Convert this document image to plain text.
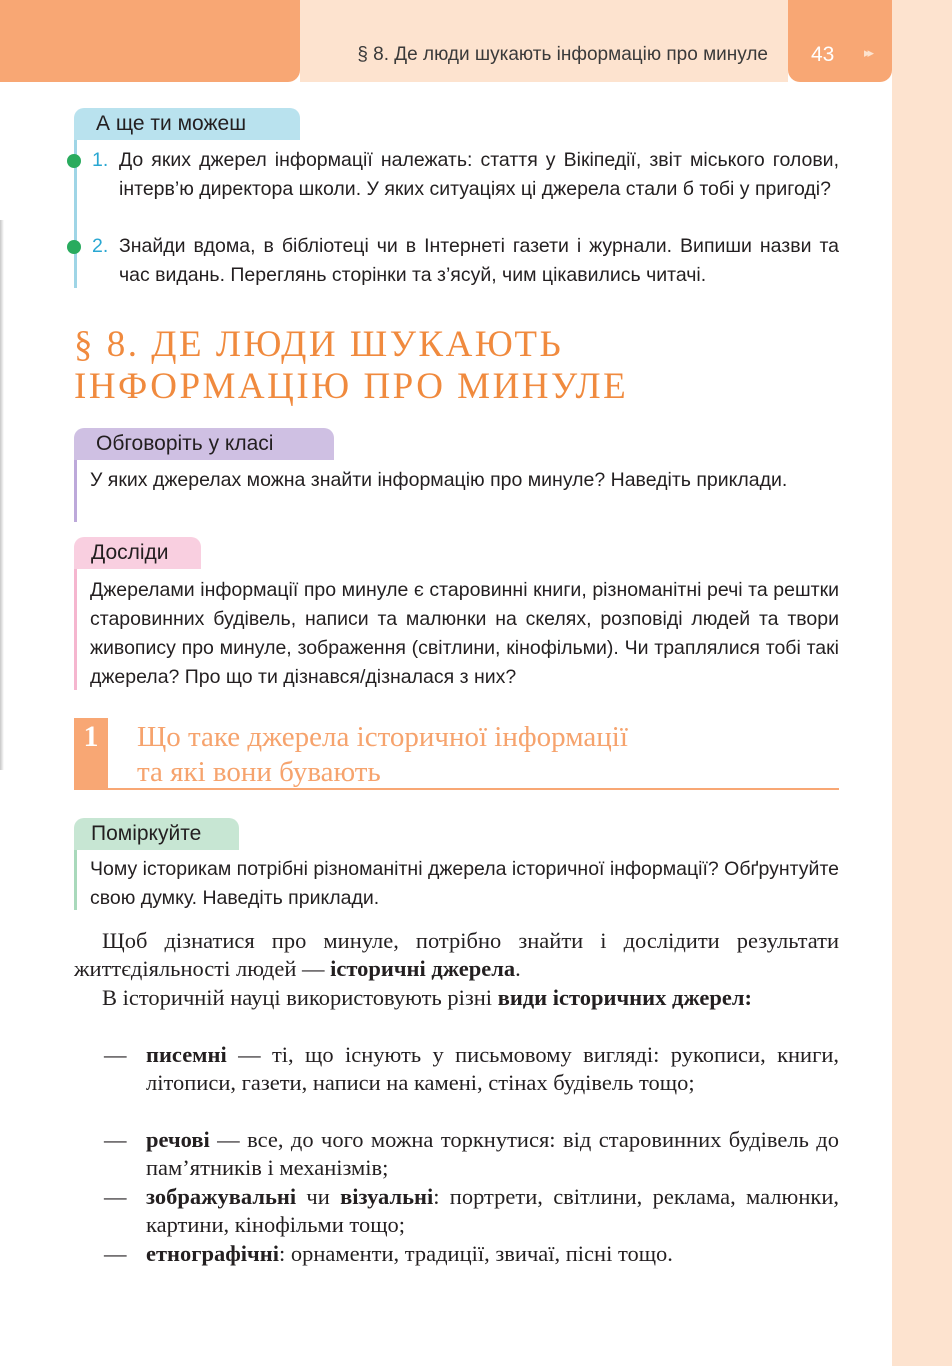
§ 8. Де люди шукають інформацію про минуле 43 ▸▸
А ще ти можеш
1. До яких джерел інформації належать: стаття у Вікіпедії, звіт міського голови, інтерв’ю директора школи. У яких ситуаціях ці джерела стали б тобі у пригоді?
2. Знайди вдома, в бібліотеці чи в Інтернеті газети і журнали. Випиши назви та час видань. Переглянь сторінки та з’ясуй, чим цікавились читачі.
§ 8. ДЕ ЛЮДИ ШУКАЮТЬ
ІНФОРМАЦІЮ ПРО МИНУЛЕ
Обговоріть у класі
У яких джерелах можна знайти інформацію про минуле? Наведіть приклади.
Досліди
Джерелами інформації про минуле є старовинні книги, різноманітні речі та рештки старовинних будівель, написи та малюнки на скелях, розповіді людей та твори живопису про минуле, зображення (світлини, кінофільми). Чи траплялися тобі такі джерела? Про що ти дізнався/дізналася з них?
1	Що таке джерела історичної інформації
та які вони бувають
Поміркуйте
Чому історикам потрібні різноманітні джерела історичної інформації? Обґрунтуйте свою думку. Наведіть приклади.
Щоб дізнатися про минуле, потрібно знайти і дослідити результати життєдіяльності людей — історичні джерела.
В історичній науці використовують різні види історичних джерел:
— писемні — ті, що існують у письмовому вигляді: рукописи, книги, літописи, газети, написи на камені, стінах будівель тощо;
— речові — все, до чого можна торкнутися: від старовинних будівель до пам’ятників і механізмів;
— зображувальні чи візуальні: портрети, світлини, реклама, малюнки, картини, кінофільми тощо;
— етнографічні: орнаменти, традиції, звичаї, пісні тощо.
